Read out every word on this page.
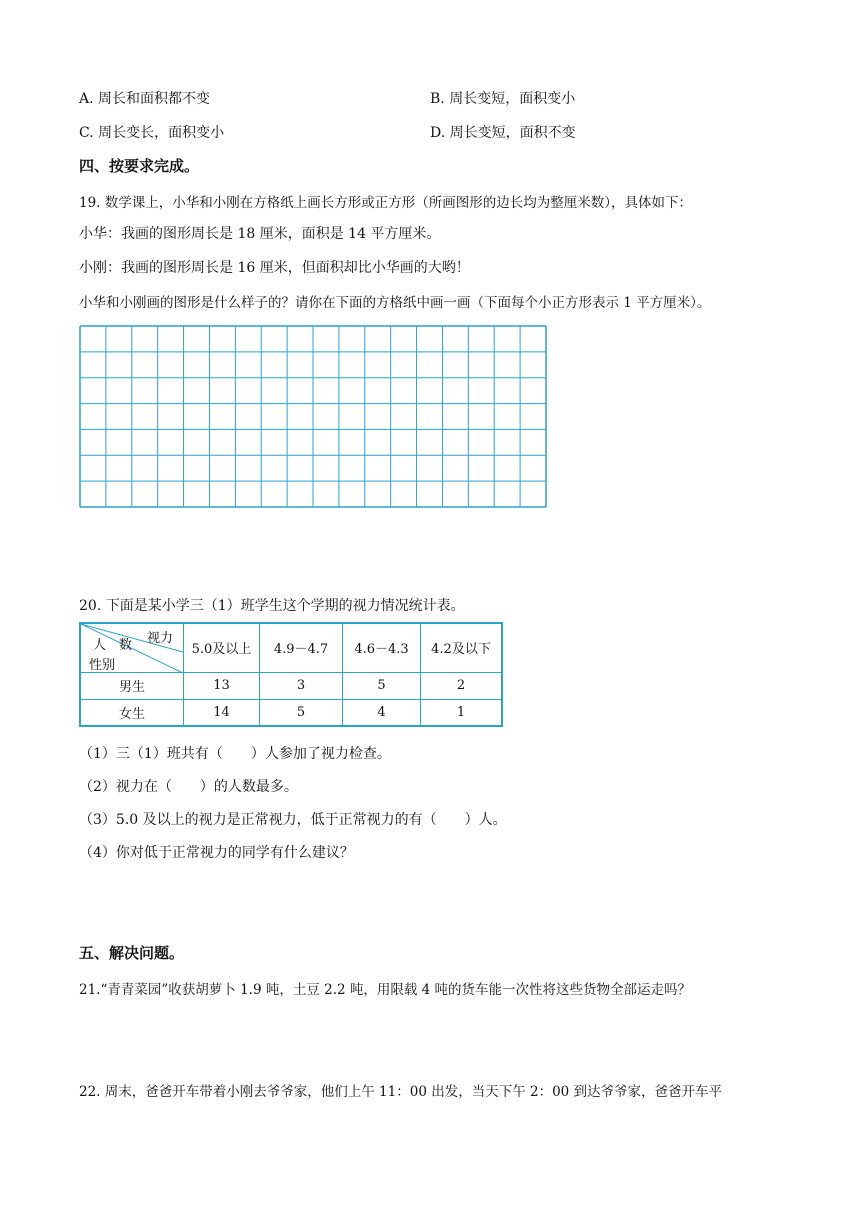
A. 周长和面积都不变	B. 周长变短，面积变小
C. 周长变长，面积变小	D. 周长变短，面积不变
四、按要求完成。
19. 数学课上，小华和小刚在方格纸上画长方形或正方形（所画图形的边长均为整厘米数），具体如下：
小华：我画的图形周长是 18 厘米，面积是 14 平方厘米。
小刚：我画的图形周长是 16 厘米，但面积却比小华画的大哟！
小华和小刚画的图形是什么样子的？请你在下面的方格纸中画一画（下面每个小正方形表示 1 平方厘米）。
20. 下面是某小学三（1）班学生这个学期的视力情况统计表。
视力
人　数
性别	5.0及以上	4.9－4.7	4.6－4.3	4.2及以下
男生	13	3	5	2
女生	14	5	4	1
（1）三（1）班共有（　　）人参加了视力检查。
（2）视力在（　　）的人数最多。
（3）5.0 及以上的视力是正常视力，低于正常视力的有（　　）人。
（4）你对低于正常视力的同学有什么建议？
五、解决问题。
21.“青青菜园”收获胡萝卜 1.9 吨，土豆 2.2 吨，用限载 4 吨的货车能一次性将这些货物全部运走吗？
22. 周末，爸爸开车带着小刚去爷爷家，他们上午 11：00 出发，当天下午 2：00 到达爷爷家，爸爸开车平
